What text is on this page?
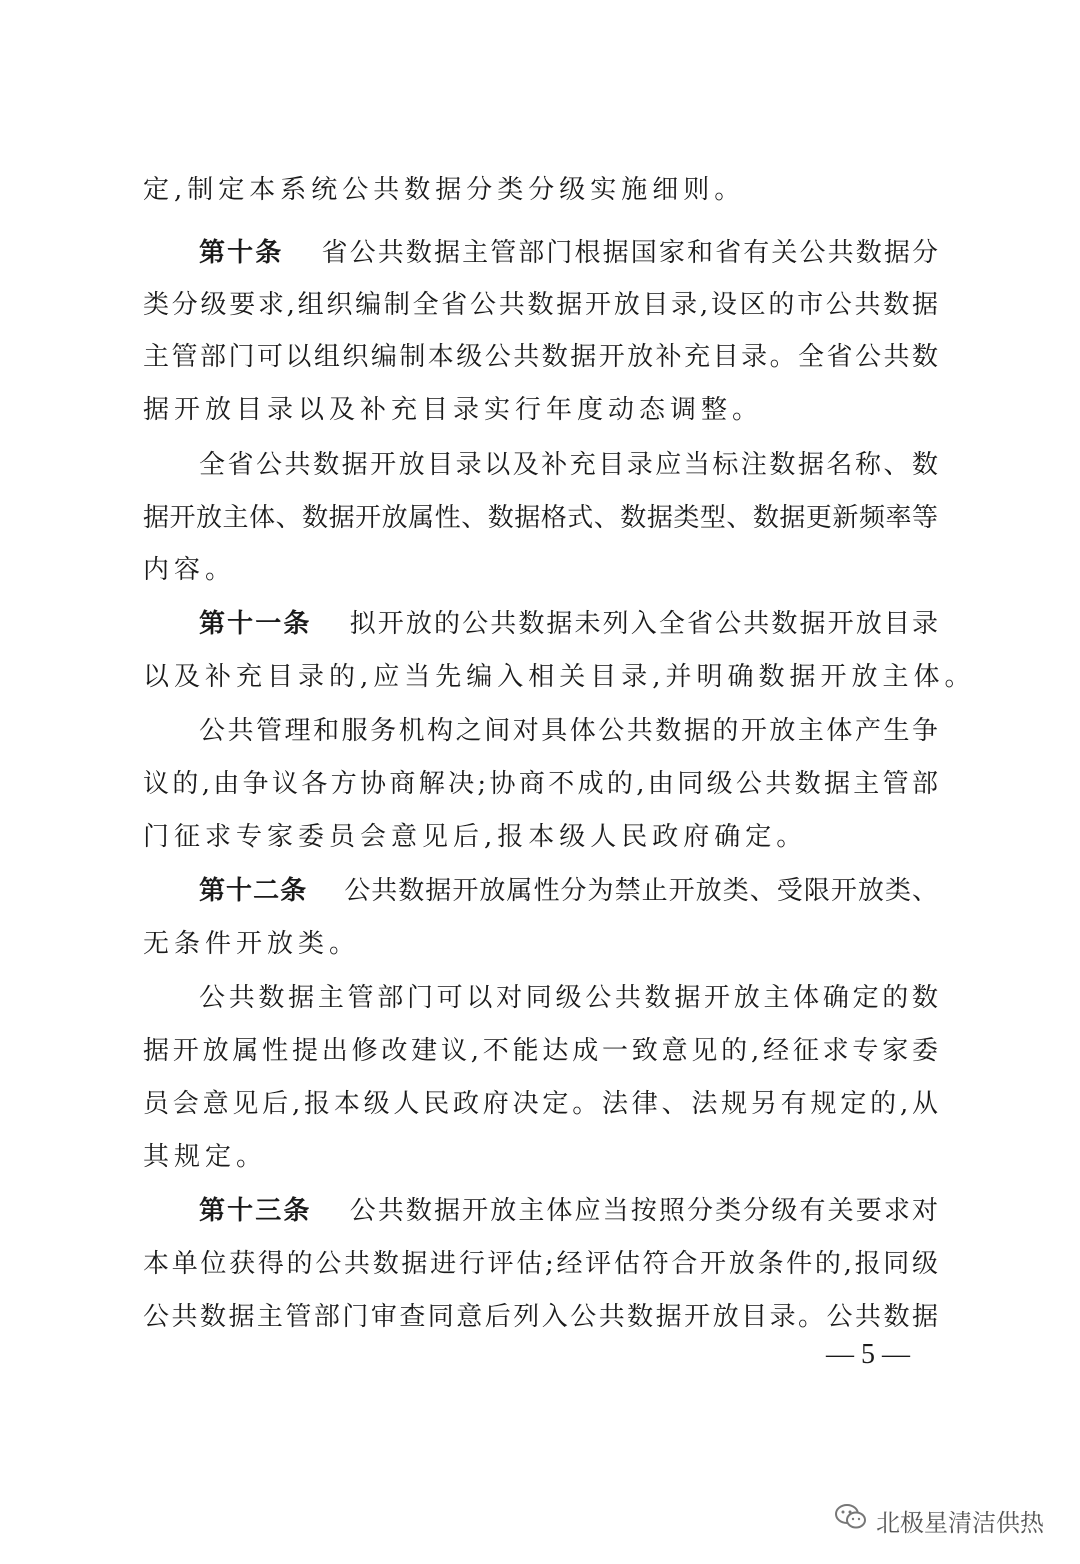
定,制定本系统公共数据分类分级实施细则。
第十条 省公共数据主管部门根据国家和省有关公共数据分
类分级要求,组织编制全省公共数据开放目录,设区的市公共数据
主管部门可以组织编制本级公共数据开放补充目录。全省公共数
据开放目录以及补充目录实行年度动态调整。
全省公共数据开放目录以及补充目录应当标注数据名称、数
据开放主体、数据开放属性、数据格式、数据类型、数据更新频率等
内容。
第十一条 拟开放的公共数据未列入全省公共数据开放目录
以及补充目录的,应当先编入相关目录,并明确数据开放主体。
公共管理和服务机构之间对具体公共数据的开放主体产生争
议的,由争议各方协商解决;协商不成的,由同级公共数据主管部
门征求专家委员会意见后,报本级人民政府确定。
第十二条 公共数据开放属性分为禁止开放类、受限开放类、
无条件开放类。
公共数据主管部门可以对同级公共数据开放主体确定的数
据开放属性提出修改建议,不能达成一致意见的,经征求专家委
员会意见后,报本级人民政府决定。法律、法规另有规定的,从
其规定。
第十三条 公共数据开放主体应当按照分类分级有关要求对
本单位获得的公共数据进行评估;经评估符合开放条件的,报同级
公共数据主管部门审查同意后列入公共数据开放目录。公共数据
— 5 —
北极星清洁供热
